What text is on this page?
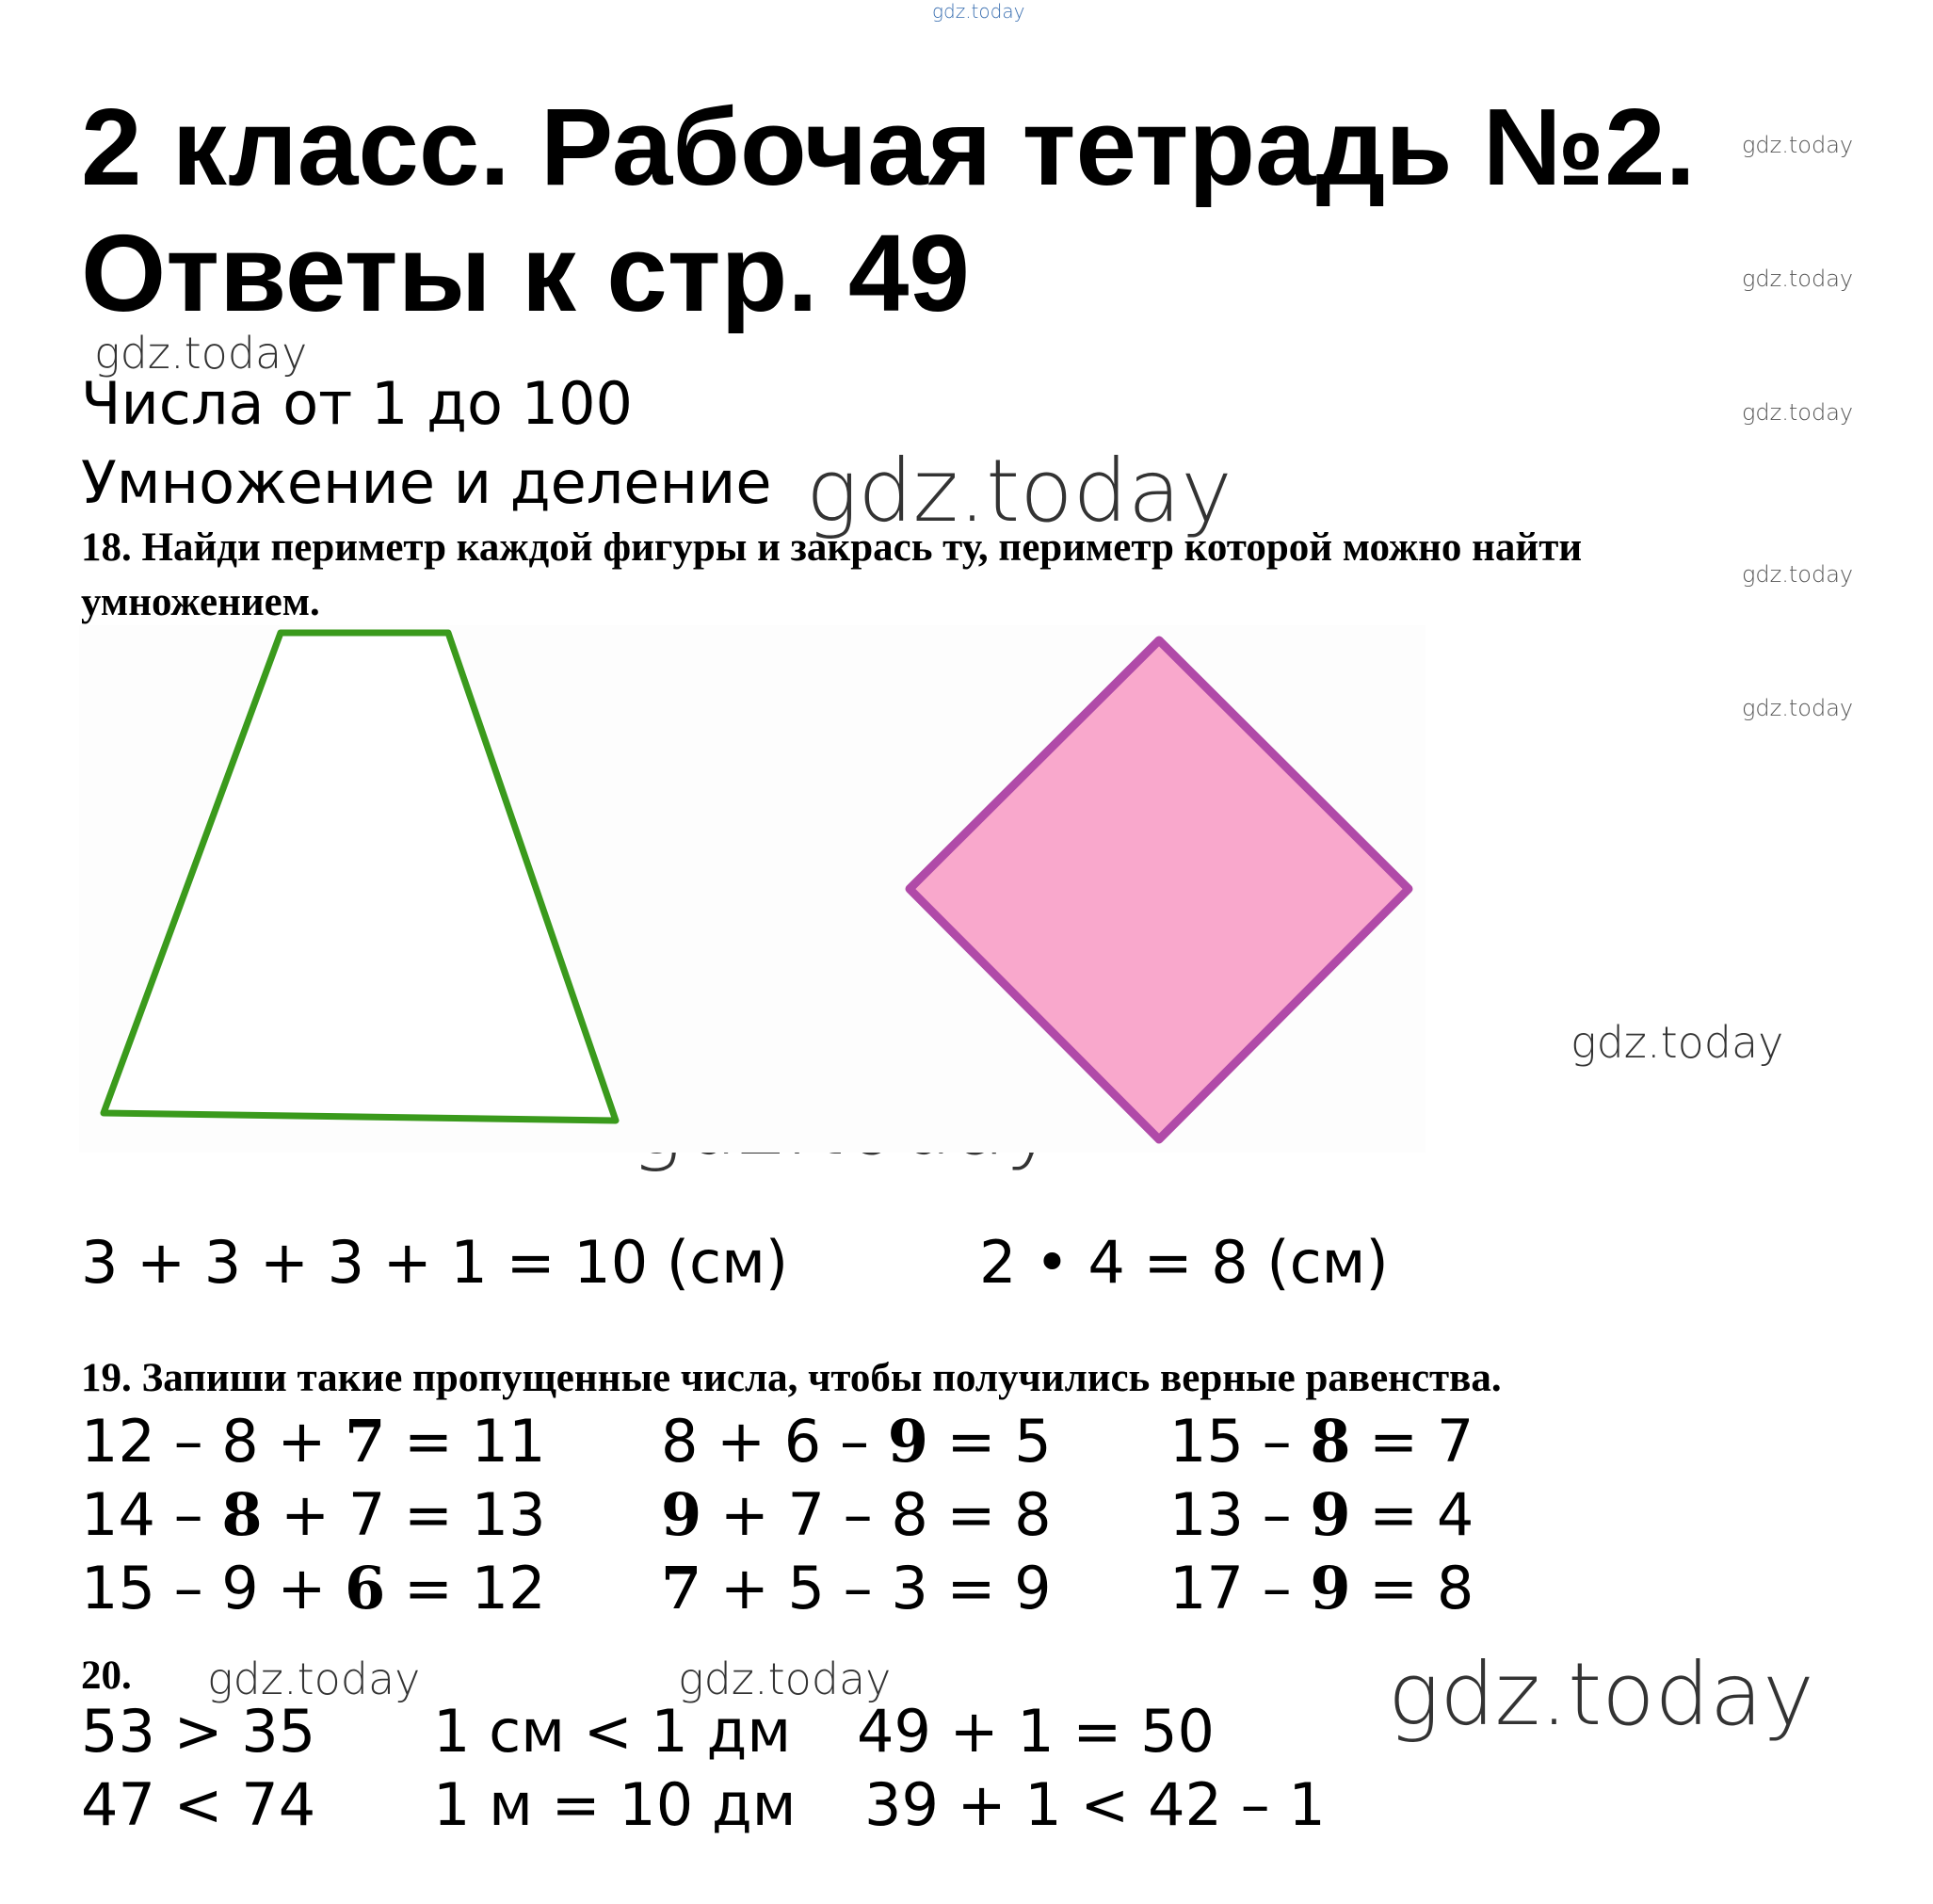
gdz.today
gdz.today
gdz.today
gdz.today
gdz.today
gdz.today
gdz.today
gdz.today
gdz.today
gdz.today	gdz.today	gdz.today
2 класс. Рабочая тетрадь №2.
Ответы к стр. 49
Числа от 1 до 100
Умножение и деление
18. Найди периметр каждой фигуры и закрась ту, периметр которой можно найти
умножением.
3 + 3 + 3 + 1 = 10 (см)	2 • 4 = 8 (см)
19. Запиши такие пропущенные числа, чтобы получились верные равенства.
12 – 8 + 7 = 11 8 + 6 – 9 = 5 15 – 8 = 7
14 – 8 + 7 = 13 9 + 7 – 8 = 8 13 – 9 = 4
15 – 9 + 6 = 12 7 + 5 – 3 = 9 17 – 9 = 8
20.
53 > 35 1 см < 1 дм 49 + 1 = 50
47 < 74 1 м = 10 дм 39 + 1 < 42 – 1
